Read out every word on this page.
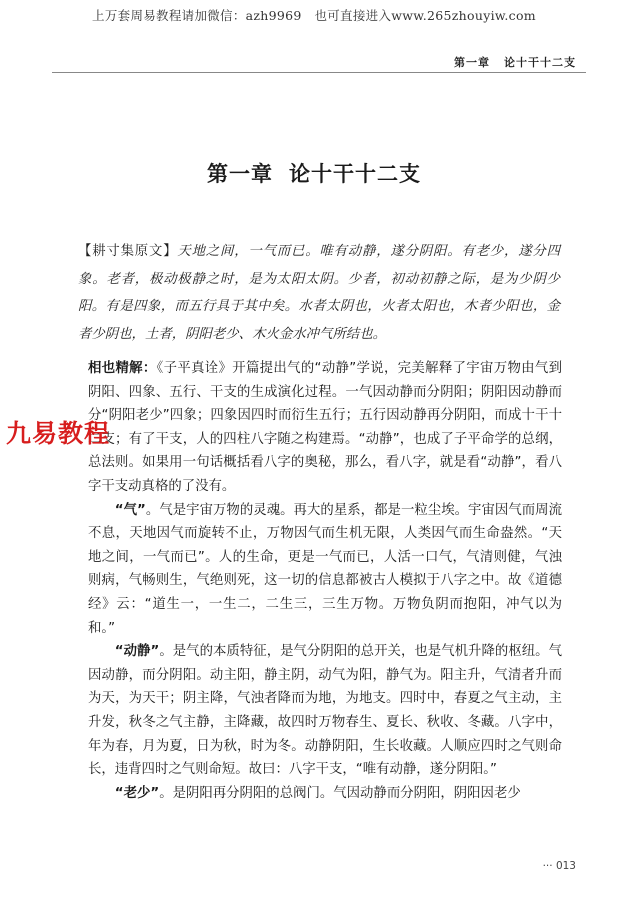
上万套周易教程请加微信：azh9969　也可直接进入www.265zhouyiw.com
第一章 论十干十二支
第一章 论十干十二支
【耕寸集原文】天地之间，一气而已。唯有动静，遂分阴阳。有老少，遂分四象。老者，极动极静之时，是为太阳太阴。少者，初动初静之际，是为少阴少阳。有是四象，而五行具于其中矣。水者太阴也，火者太阳也，木者少阳也，金者少阴也，土者，阴阳老少、木火金水冲气所结也。

相也精解：《子平真诠》开篇提出气的“动静”学说，完美解释了宇宙万物由气到阴阳、四象、五行、干支的生成演化过程。一气因动静而分阴阳；阴阳因动静而分“阴阳老少”四象；四象因四时而衍生五行；五行因动静再分阴阳，而成十干十二支；有了干支，人的四柱八字随之构建焉。“动静”，也成了子平命学的总纲，总法则。如果用一句话概括看八字的奥秘，那么，看八字，就是看“动静”，看八字干支动真格的了没有。

“气”。气是宇宙万物的灵魂。再大的星系，都是一粒尘埃。宇宙因气而周流不息，天地因气而旋转不止，万物因气而生机无限，人类因气而生命盎然。“天地之间，一气而已”。人的生命，更是一气而已，人活一口气，气清则健，气浊则病，气畅则生，气绝则死，这一切的信息都被古人模拟于八字之中。故《道德经》云：“道生一，一生二，二生三，三生万物。万物负阴而抱阳，冲气以为和。”

“动静”。是气的本质特征，是气分阴阳的总开关，也是气机升降的枢纽。气因动静，而分阴阳。动主阳，静主阴，动气为阳，静气为。阳主升，气清者升而为天，为天干；阴主降，气浊者降而为地，为地支。四时中，春夏之气主动，主升发，秋冬之气主静，主降藏，故四时万物春生、夏长、秋收、冬藏。八字中，年为春，月为夏，日为秋，时为冬。动静阴阳，生长收藏。人顺应四时之气则命长，违背四时之气则命短。故曰：八字干支，“唯有动静，遂分阴阳。”

“老少”。是阴阳再分阴阳的总阀门。气因动静而分阴阳，阴阳因老少

九易教程
··· 013
